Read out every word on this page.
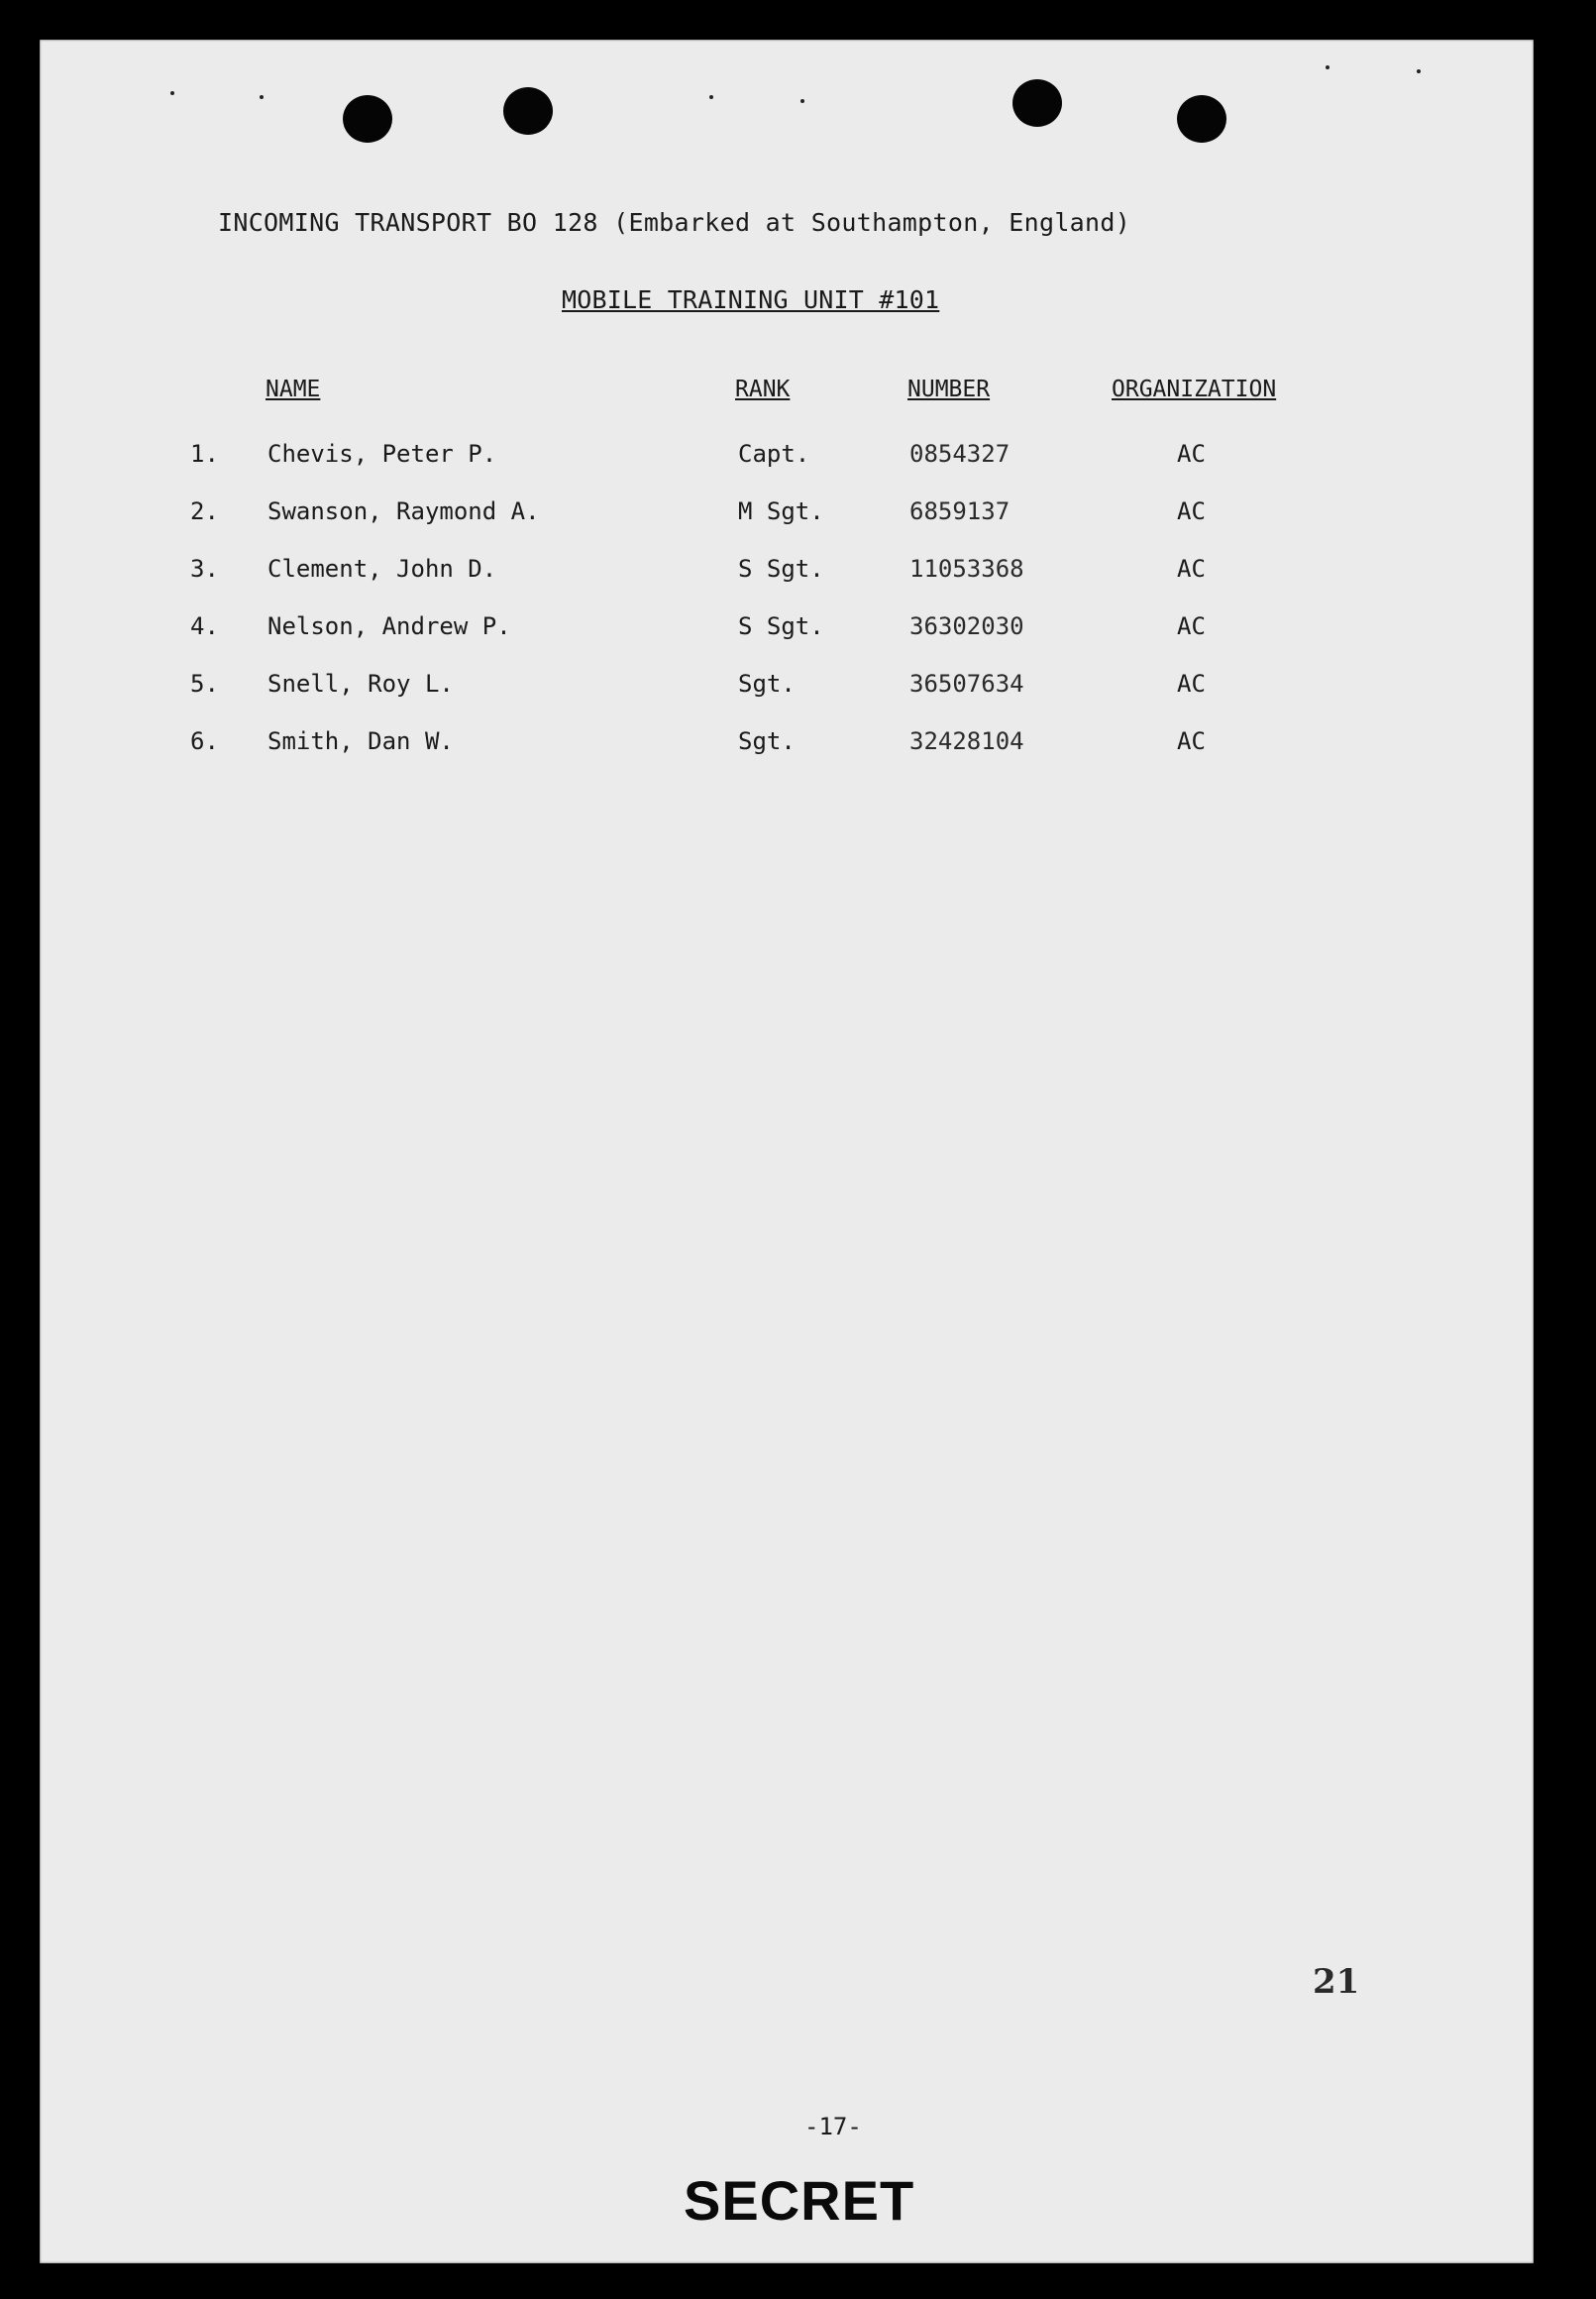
INCOMING TRANSPORT BO 128 (Embarked at Southampton, England)
MOBILE TRAINING UNIT #101
NAME	RANK	NUMBER	ORGANIZATION
1. Chevis, Peter P.	Capt.	0854327	AC
2. Swanson, Raymond A.	M Sgt.	6859137	AC
3. Clement, John D.	S Sgt.	11053368	AC
4. Nelson, Andrew P.	S Sgt.	36302030	AC
5. Snell, Roy L.	Sgt.	36507634	AC
6. Smith, Dan W.	Sgt.	32428104	AC
21
-17-
SECRET
